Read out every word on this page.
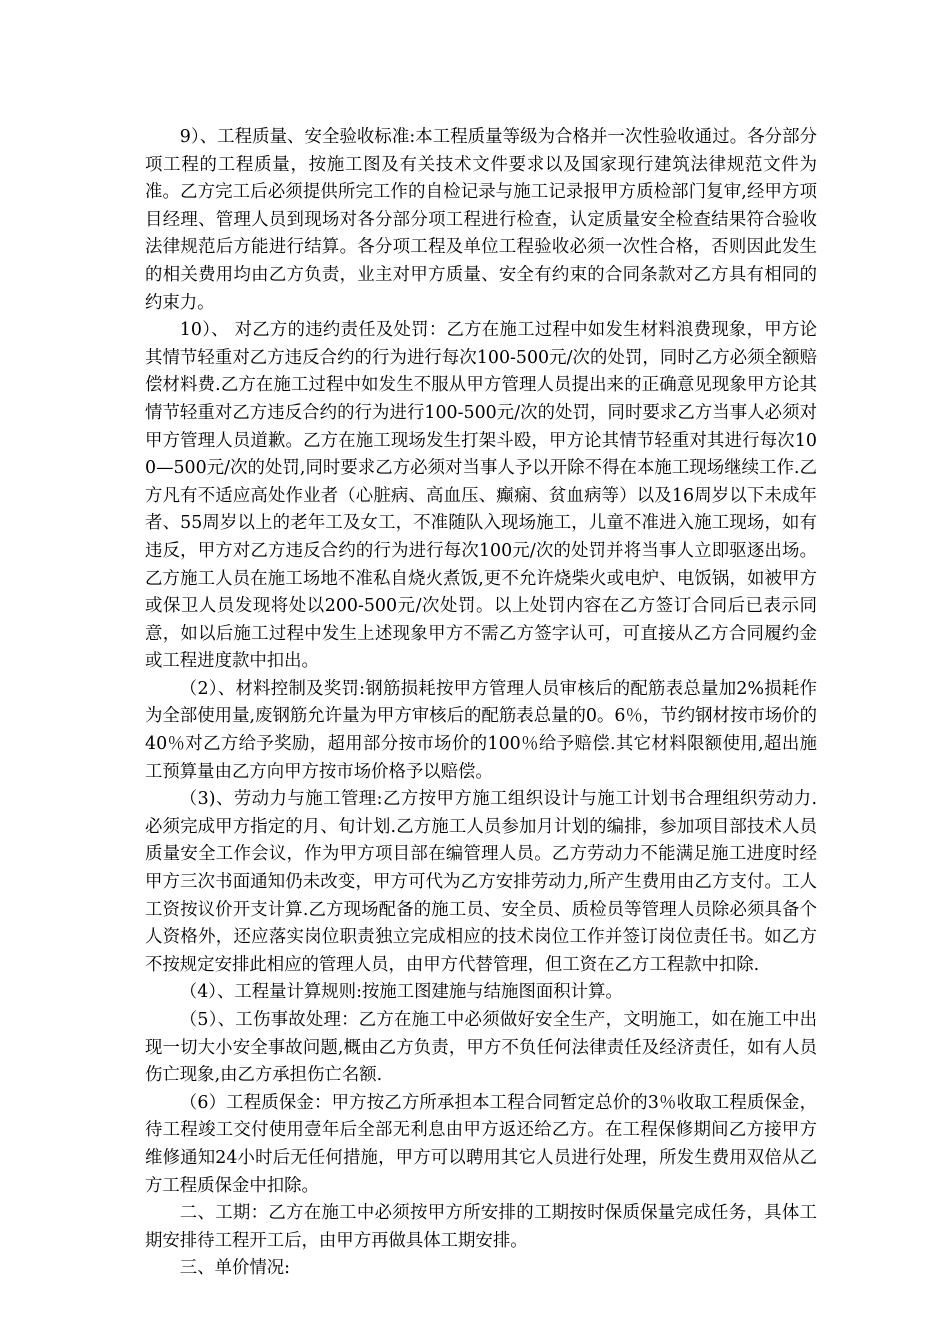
9）、工程质量、安全验收标准:本工程质量等级为合格并一次性验收通过。各分部分项工程的工程质量，按施工图及有关技术文件要求以及国家现行建筑法律规范文件为准。乙方完工后必须提供所完工作的自检记录与施工记录报甲方质检部门复审,经甲方项目经理、管理人员到现场对各分部分项工程进行检查，认定质量安全检查结果符合验收法律规范后方能进行结算。各分项工程及单位工程验收必须一次性合格，否则因此发生的相关费用均由乙方负责，业主对甲方质量、安全有约束的合同条款对乙方具有相同的约束力。

10）、 对乙方的违约责任及处罚：乙方在施工过程中如发生材料浪费现象，甲方论其情节轻重对乙方违反合约的行为进行每次100-500元/次的处罚，同时乙方必须全额赔偿材料费.乙方在施工过程中如发生不服从甲方管理人员提出来的正确意见现象甲方论其情节轻重对乙方违反合约的行为进行100-500元/次的处罚，同时要求乙方当事人必须对甲方管理人员道歉。乙方在施工现场发生打架斗殴，甲方论其情节轻重对其进行每次100—500元/次的处罚,同时要求乙方必须对当事人予以开除不得在本施工现场继续工作.乙方凡有不适应高处作业者（心脏病、高血压、癫痫、贫血病等）以及16周岁以下未成年者、55周岁以上的老年工及女工，不准随队入现场施工，儿童不准进入施工现场，如有违反，甲方对乙方违反合约的行为进行每次100元/次的处罚并将当事人立即驱逐出场。乙方施工人员在施工场地不准私自烧火煮饭,更不允许烧柴火或电炉、电饭锅，如被甲方或保卫人员发现将处以200-500元/次处罚。以上处罚内容在乙方签订合同后已表示同意，如以后施工过程中发生上述现象甲方不需乙方签字认可，可直接从乙方合同履约金或工程进度款中扣出。

（2）、材料控制及奖罚:钢筋损耗按甲方管理人员审核后的配筋表总量加2%损耗作为全部使用量,废钢筋允许量为甲方审核后的配筋表总量的0。6％，节约钢材按市场价的40％对乙方给予奖励，超用部分按市场价的100％给予赔偿.其它材料限额使用,超出施工预算量由乙方向甲方按市场价格予以赔偿。

（3)、劳动力与施工管理:乙方按甲方施工组织设计与施工计划书合理组织劳动力.必须完成甲方指定的月、旬计划.乙方施工人员参加月计划的编排，参加项目部技术人员质量安全工作会议，作为甲方项目部在编管理人员。乙方劳动力不能满足施工进度时经甲方三次书面通知仍未改变，甲方可代为乙方安排劳动力,所产生费用由乙方支付。工人工资按议价开支计算.乙方现场配备的施工员、安全员、质检员等管理人员除必须具备个人资格外，还应落实岗位职责独立完成相应的技术岗位工作并签订岗位责任书。如乙方不按规定安排此相应的管理人员，由甲方代替管理，但工资在乙方工程款中扣除.

（4）、工程量计算规则:按施工图建施与结施图面积计算。

（5）、工伤事故处理：乙方在施工中必须做好安全生产，文明施工，如在施工中出现一切大小安全事故问题,概由乙方负责，甲方不负任何法律责任及经济责任，如有人员伤亡现象,由乙方承担伤亡名额.

（6）工程质保金：甲方按乙方所承担本工程合同暂定总价的3％收取工程质保金，待工程竣工交付使用壹年后全部无利息由甲方返还给乙方。在工程保修期间乙方接甲方维修通知24小时后无任何措施，甲方可以聘用其它人员进行处理，所发生费用双倍从乙方工程质保金中扣除。

二、工期：乙方在施工中必须按甲方所安排的工期按时保质保量完成任务，具体工期安排待工程开工后，由甲方再做具体工期安排。

三、单价情况:
